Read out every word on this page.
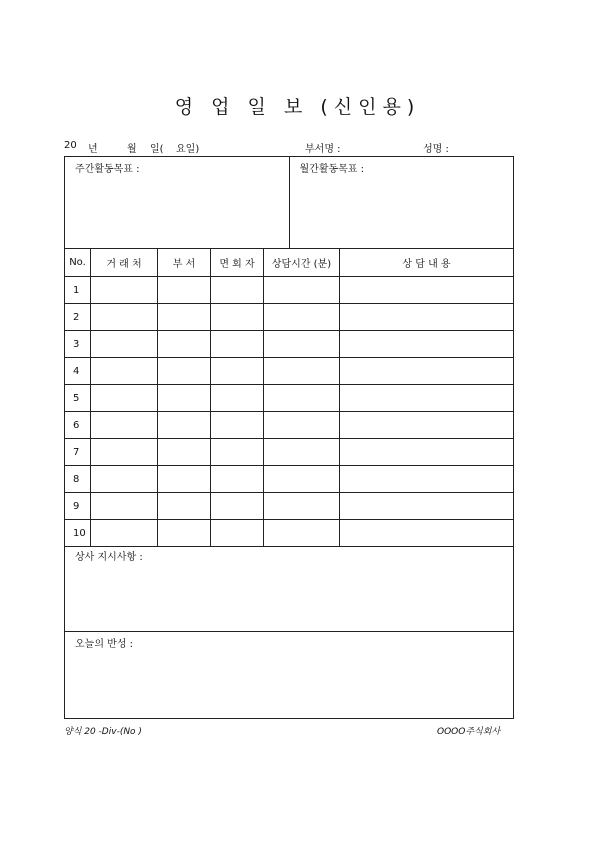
영 업 일 보 (신인용)
20 년	월 일( 요일)	부서명 :	성명 :
주간활동목표 :	월간활동목표 :
No.	거 래 처	부 서	면 회 자	상담시간 (분)	상 담 내 용
1					
2					
3					
4					
5					
6					
7					
8					
9					
10					
상사 지시사항 :
오늘의 반성 :
양식 20 -Div-(No )	OOOO주식회사
